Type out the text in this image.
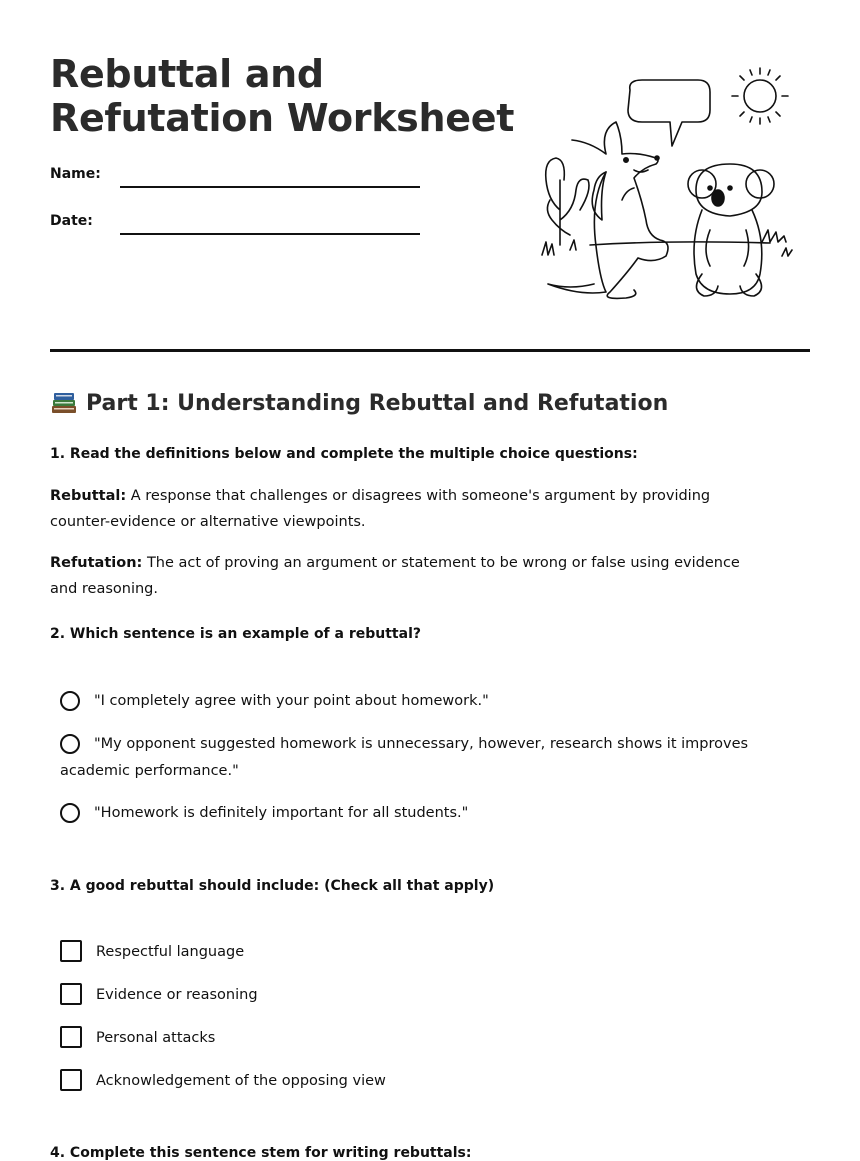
Rebuttal and Refutation Worksheet
Name:
Date:
Part 1: Understanding Rebuttal and Refutation
1. Read the definitions below and complete the multiple choice questions:

Rebuttal: A response that challenges or disagrees with someone's argument by providing counter-evidence or alternative viewpoints.

Refutation: The act of proving an argument or statement to be wrong or false using evidence and reasoning.

2. Which sentence is an example of a rebuttal?
"I completely agree with your point about homework."
"My opponent suggested homework is unnecessary, however, research shows it improves academic performance."
"Homework is definitely important for all students."
3. A good rebuttal should include: (Check all that apply)
Respectful language
Evidence or reasoning
Personal attacks
Acknowledgement of the opposing view
4. Complete this sentence stem for writing rebuttals:
